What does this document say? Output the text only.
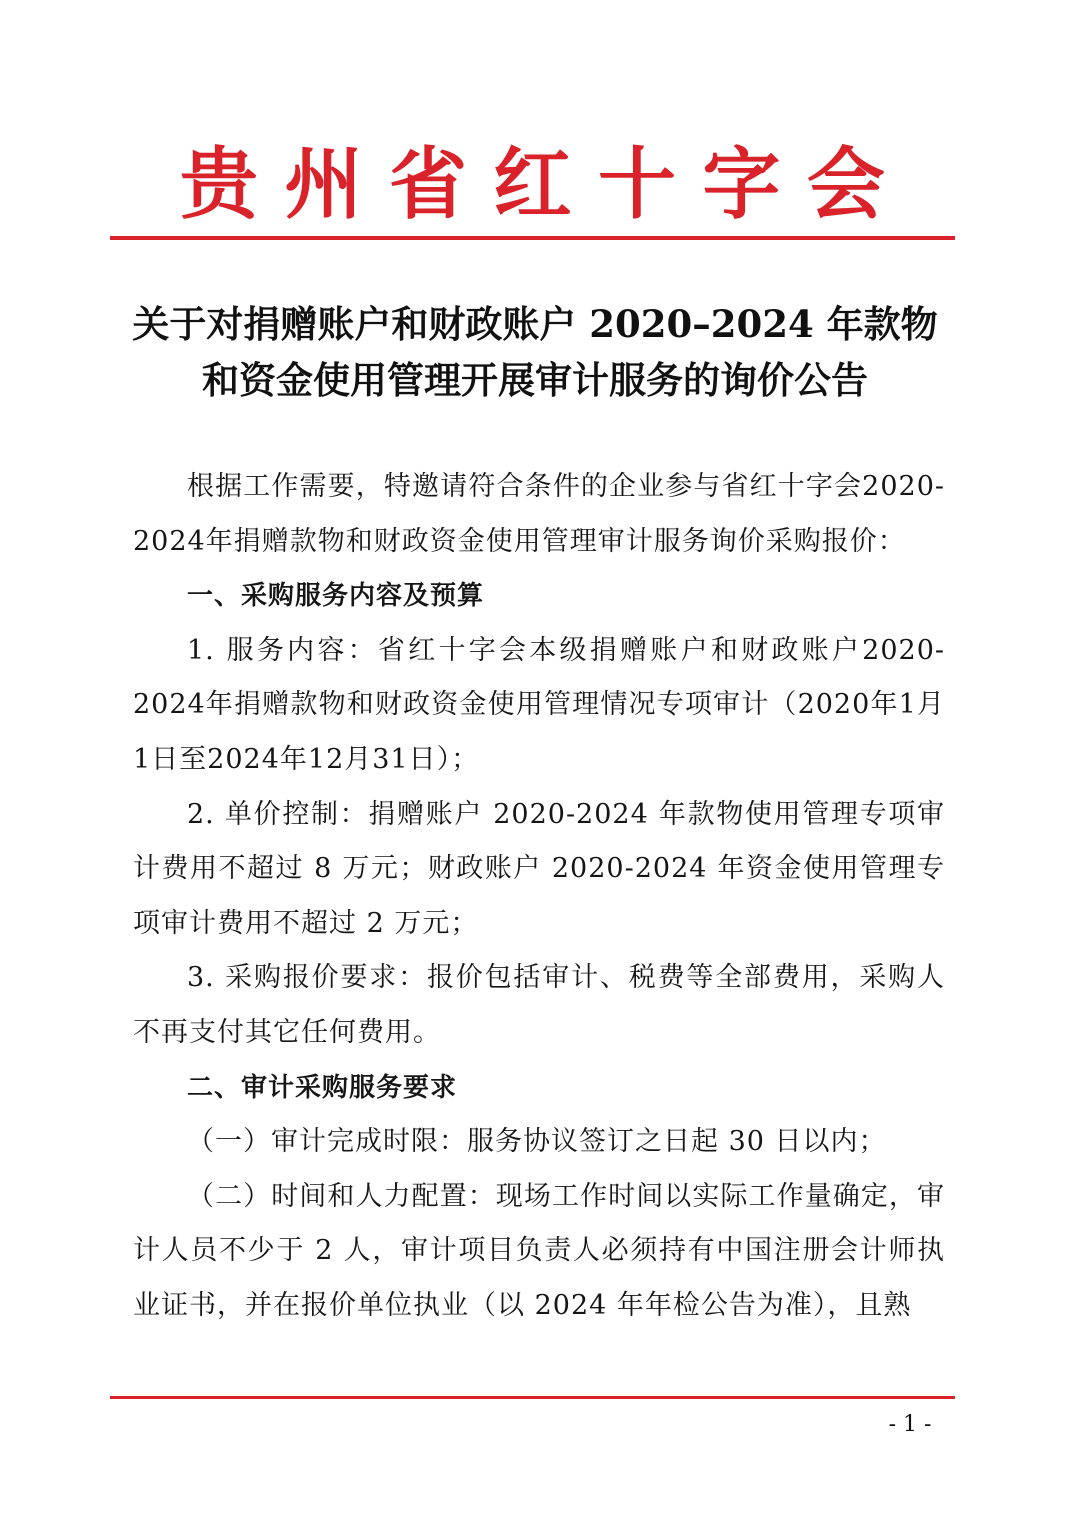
贵 州 省 红 十 字 会
关于对捐赠账户和财政账户 2020–2024 年款物
和资金使用管理开展审计服务的询价公告

根据工作需要，特邀请符合条件的企业参与省红十字会2020-2024年捐赠款物和财政资金使用管理审计服务询价采购报价：

一、采购服务内容及预算

1. 服务内容：省红十字会本级捐赠账户和财政账户2020-2024年捐赠款物和财政资金使用管理情况专项审计（2020年1月1日至2024年12月31日）；

2. 单价控制：捐赠账户 2020-2024 年款物使用管理专项审计费用不超过 8 万元；财政账户 2020-2024 年资金使用管理专项审计费用不超过 2 万元；

3. 采购报价要求：报价包括审计、税费等全部费用，采购人不再支付其它任何费用。

二、审计采购服务要求

（一）审计完成时限：服务协议签订之日起 30 日以内；

（二）时间和人力配置：现场工作时间以实际工作量确定，审计人员不少于 2 人，审计项目负责人必须持有中国注册会计师执业证书，并在报价单位执业（以 2024 年年检公告为准），且熟

- 1 -
